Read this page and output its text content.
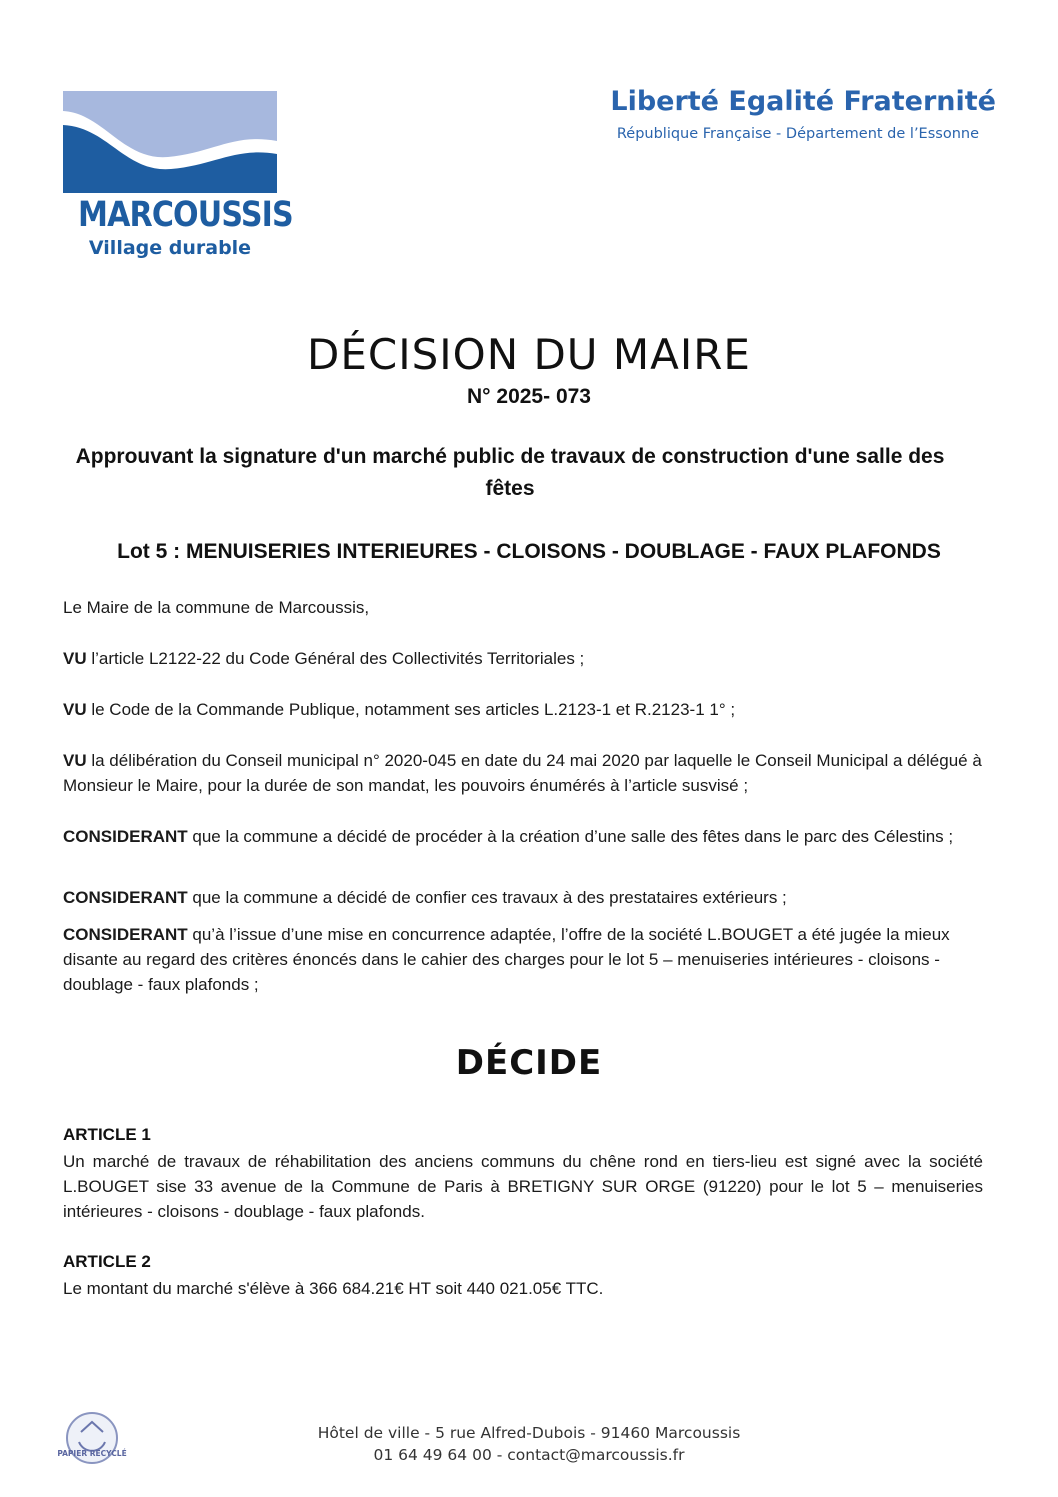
MARCOUSSIS
Village durable
Liberté Egalité Fraternité
République Française - Département de l’Essonne
DÉCISION DU MAIRE
N° 2025- 073
Approuvant la signature d'un marché public de travaux de construction d'une salle des fêtes
Lot 5 : MENUISERIES INTERIEURES - CLOISONS - DOUBLAGE - FAUX PLAFONDS
Le Maire de la commune de Marcoussis,
VU l’article L2122-22 du Code Général des Collectivités Territoriales ;
VU le Code de la Commande Publique, notamment ses articles L.2123-1 et R.2123-1 1° ;
VU la délibération du Conseil municipal n° 2020-045 en date du 24 mai 2020 par laquelle le Conseil Municipal a délégué à Monsieur le Maire, pour la durée de son mandat, les pouvoirs énumérés à l’article susvisé ;
CONSIDERANT que la commune a décidé de procéder à la création d’une salle des fêtes dans le parc des Célestins ;
CONSIDERANT que la commune a décidé de confier ces travaux à des prestataires extérieurs ;
CONSIDERANT qu’à l’issue d’une mise en concurrence adaptée, l’offre de la société L.BOUGET a été jugée la mieux disante au regard des critères énoncés dans le cahier des charges pour le lot 5 – menuiseries intérieures - cloisons - doublage - faux plafonds ;
DÉCIDE
ARTICLE 1
Un marché de travaux de réhabilitation des anciens communs du chêne rond en tiers-lieu est signé avec la société L.BOUGET sise 33 avenue de la Commune de Paris à BRETIGNY SUR ORGE (91220) pour le lot 5 – menuiseries intérieures - cloisons - doublage - faux plafonds.
ARTICLE 2
Le montant du marché s'élève à 366 684.21€ HT soit 440 021.05€ TTC.
PAPIER RECYCLÉ
Hôtel de ville - 5 rue Alfred-Dubois - 91460 Marcoussis
01 64 49 64 00 - contact@marcoussis.fr
